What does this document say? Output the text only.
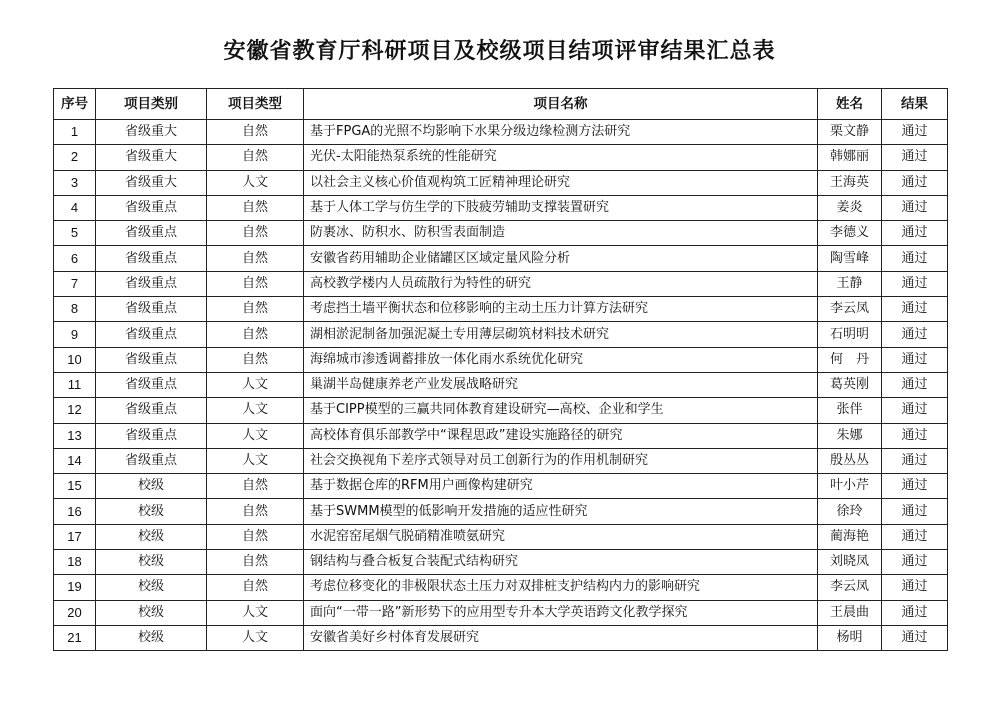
安徽省教育厅科研项目及校级项目结项评审结果汇总表
序号	项目类别	项目类型	项目名称	姓名	结果
1	省级重大	自然	基于FPGA的光照不均影响下水果分级边缘检测方法研究	栗文静	通过
2	省级重大	自然	光伏-太阳能热泵系统的性能研究	韩娜丽	通过
3	省级重大	人文	以社会主义核心价值观构筑工匠精神理论研究	王海英	通过
4	省级重点	自然	基于人体工学与仿生学的下肢疲劳辅助支撑装置研究	姜炎	通过
5	省级重点	自然	防裹冰、防积水、防积雪表面制造	李德义	通过
6	省级重点	自然	安徽省药用辅助企业储罐区区域定量风险分析	陶雪峰	通过
7	省级重点	自然	高校教学楼内人员疏散行为特性的研究	王静	通过
8	省级重点	自然	考虑挡土墙平衡状态和位移影响的主动土压力计算方法研究	李云凤	通过
9	省级重点	自然	湖相淤泥制备加强泥凝土专用薄层砌筑材料技术研究	石明明	通过
10	省级重点	自然	海绵城市渗透调蓄排放一体化雨水系统优化研究	何　丹	通过
11	省级重点	人文	巢湖半岛健康养老产业发展战略研究	葛英刚	通过
12	省级重点	人文	基于CIPP模型的三赢共同体教育建设研究—高校、企业和学生	张伴	通过
13	省级重点	人文	高校体育俱乐部教学中“课程思政”建设实施路径的研究	朱娜	通过
14	省级重点	人文	社会交换视角下差序式领导对员工创新行为的作用机制研究	殷丛丛	通过
15	校级	自然	基于数据仓库的RFM用户画像构建研究	叶小芹	通过
16	校级	自然	基于SWMM模型的低影响开发措施的适应性研究	徐玲	通过
17	校级	自然	水泥窑窑尾烟气脱硝精准喷氨研究	蔺海艳	通过
18	校级	自然	钢结构与叠合板复合装配式结构研究	刘晓凤	通过
19	校级	自然	考虑位移变化的非极限状态土压力对双排桩支护结构内力的影响研究	李云凤	通过
20	校级	人文	面向“一带一路”新形势下的应用型专升本大学英语跨文化教学探究	王晨曲	通过
21	校级	人文	安徽省美好乡村体育发展研究	杨明	通过
